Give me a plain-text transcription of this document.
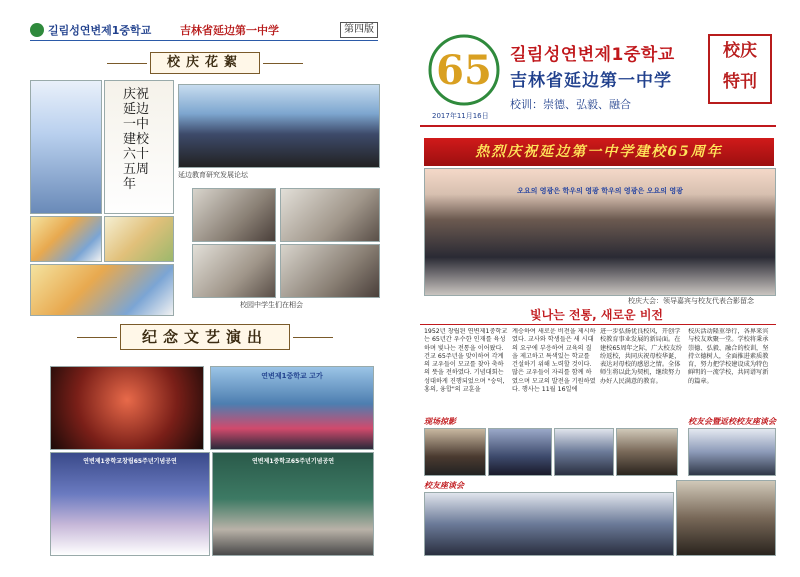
길림성연변제1중학교	吉林省延边第一中学	第四版
校庆花絮
庆祝延边一中建校六十五周年
延边教育研究发展论坛
校园中学生们在相会
纪念文艺演出
연변제1중학교 고가
연변제1중학교창립65주년기념공연	연변제1중학교65주년기념공연
65 길림성연변제1중학교
吉林省延边第一中学
校训：崇德、弘毅、融合
2017年11月16日
校庆
特刊
热烈庆祝延边第一中学建校65周年
오요의 영광은 학우의 영광 학우의 영광은 오요의 영광
校庆大会：领导嘉宾与校友代表合影留念
빛나는 전통, 새로운 비전

1952년 창립된 연변제1중학교는 65년간 우수한 인재를 육성하며 빛나는 전통을 이어왔다. 건교 65주년을 맞이하여 각계의 교우들이 모교를 찾아 축하의 뜻을 전하였다. 기념대회는 성대하게 진행되었으며 "숭덕, 홍의, 융합"의 교훈을

계승하여 새로운 비전을 제시하였다. 교사와 학생들은 새 시대의 요구에 부응하여 교육의 질을 제고하고 특색있는 학교를 건설하기 위해 노력할 것이다. 많은 교우들이 자리를 함께 하였으며 모교의 발전을 기원하였다. 행사는 11월 16일에

进一步弘扬优良校风，开创学校教育事业发展的新局面。在建校65周年之际，广大校友纷纷返校，共同庆祝母校华诞，表达对母校的感恩之情。全体师生将以此为契机，继续努力办好人民满意的教育。

校庆活动隆重举行，各界来宾与校友欢聚一堂。学校将秉承崇德、弘毅、融合的校训，坚持立德树人，全面推进素质教育，努力把学校建设成为特色鲜明的一流学校，共同谱写新的篇章。

现场掠影	校友会暨返校校友座谈会
校友座谈会
